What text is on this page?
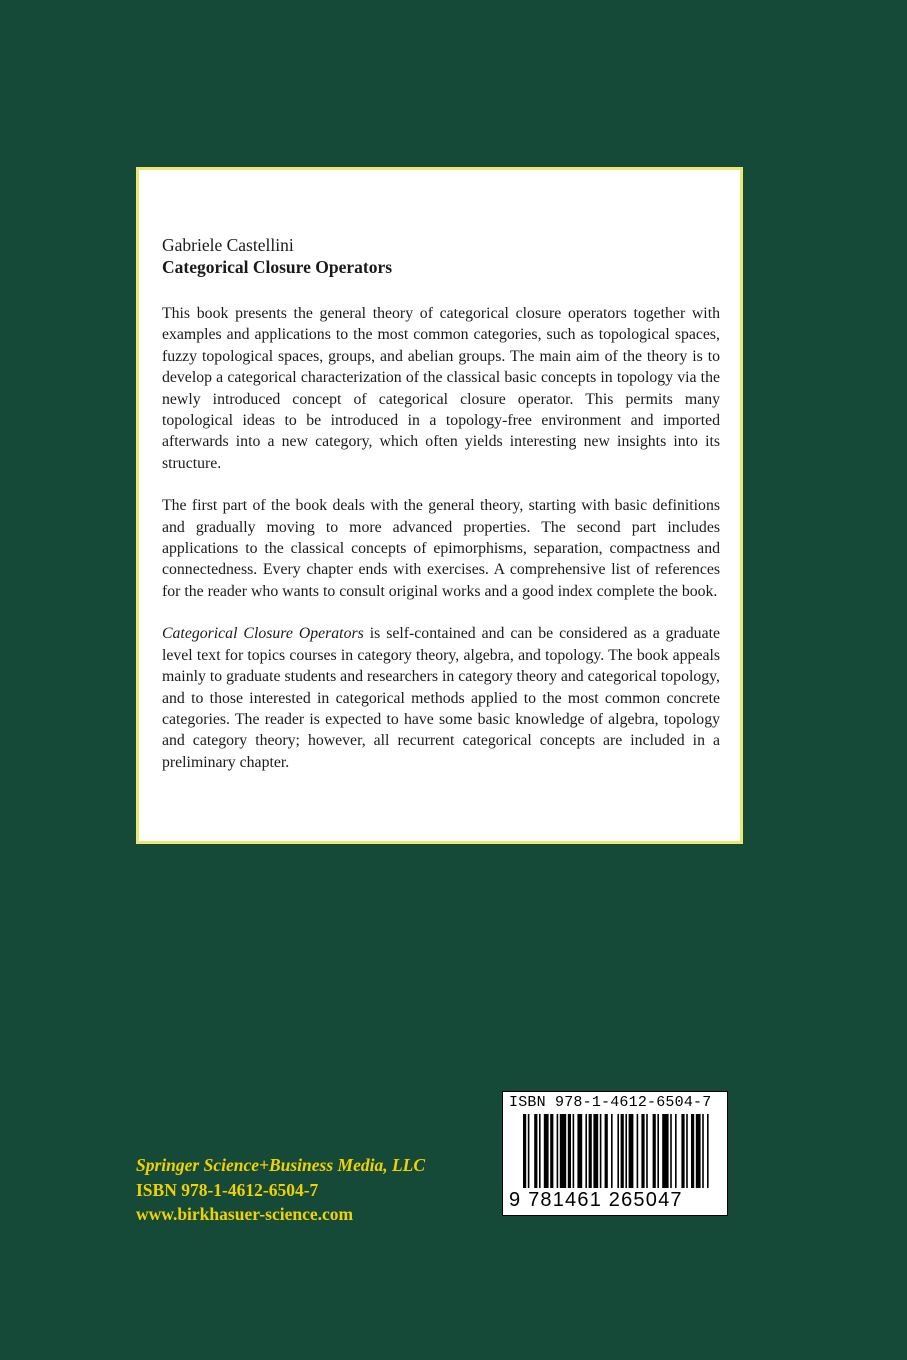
Gabriele Castellini

Categorical Closure Operators

This book presents the general theory of categorical closure operators together with examples and applications to the most common categories, such as topological spaces, fuzzy topological spaces, groups, and abelian groups. The main aim of the theory is to develop a categorical characterization of the classical basic concepts in topology via the newly introduced concept of categorical closure operator. This permits many topological ideas to be introduced in a topology-free environment and imported afterwards into a new category, which often yields interesting new insights into its structure.

The first part of the book deals with the general theory, starting with basic definitions and gradually moving to more advanced properties. The second part includes applications to the classical concepts of epimorphisms, separation, compactness and connectedness. Every chapter ends with exercises. A comprehensive list of references for the reader who wants to consult original works and a good index complete the book.

Categorical Closure Operators is self-contained and can be considered as a graduate level text for topics courses in category theory, algebra, and topology. The book appeals mainly to graduate students and researchers in category theory and categorical topology, and to those interested in categorical methods applied to the most common concrete categories. The reader is expected to have some basic knowledge of algebra, topology and category theory; however, all recurrent categorical concepts are included in a preliminary chapter.

Springer Science+Business Media, LLC
ISBN 978-1-4612-6504-7
www.birkhasuer-science.com
ISBN 978-1-4612-6504-7
9 781461 265047
